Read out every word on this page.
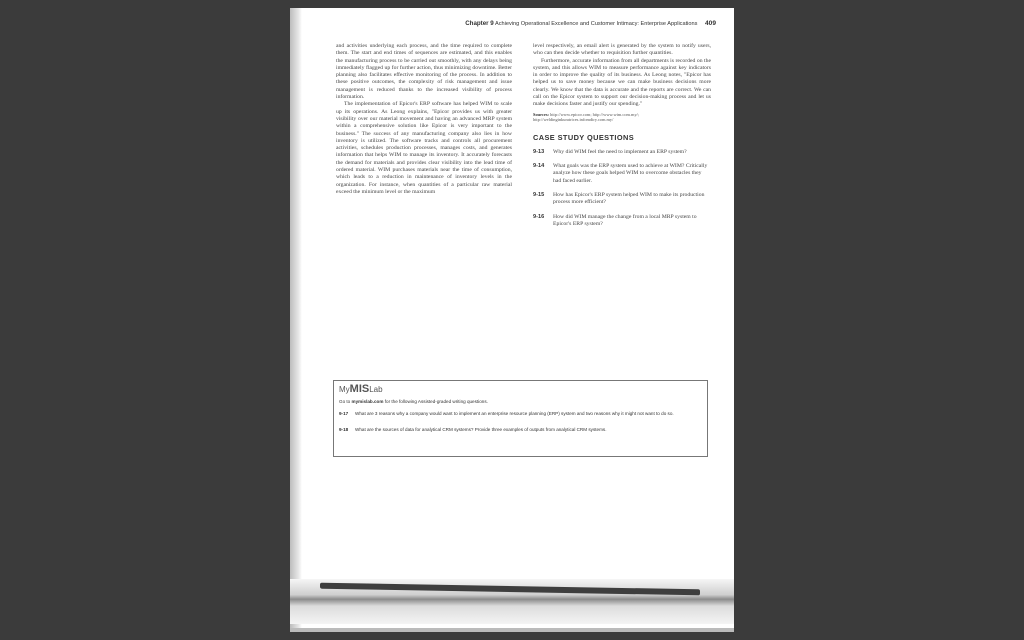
Chapter 9 Achieving Operational Excellence and Customer Intimacy: Enterprise Applications 409

and activities underlying each process, and the time required to complete them. The start and end times of sequences are estimated, and this enables the manufacturing process to be carried out smoothly, with any delays being immediately flagged up for further action, thus minimizing downtime. Better planning also facilitates effective monitoring of the process. In addition to these positive outcomes, the complexity of risk management and issue management is reduced thanks to the increased visibility of process information.

The implementation of Epicor's ERP software has helped WIM to scale up its operations. As Leong explains, "Epicor provides us with greater visibility over our material movement and having an advanced MRP system within a comprehensive solution like Epicor is very important to the business." The success of any manufacturing company also lies in how inventory is utilized. The software tracks and controls all procurement activities, schedules production processes, manages costs, and generates information that helps WIM to manage its inventory. It accurately forecasts the demand for materials and provides clear visibility into the lead time of ordered material. WIM purchases materials near the time of consumption, which leads to a reduction in maintenance of inventory levels in the organization. For instance, when quantities of a particular raw material exceed the minimum level or the maximum

level respectively, an email alert is generated by the system to notify users, who can then decide whether to requisition further quantities.

Furthermore, accurate information from all departments is recorded on the system, and this allows WIM to measure performance against key indicators in order to improve the quality of its business. As Leong notes, "Epicor has helped us to save money because we can make business decisions more clearly. We know that the data is accurate and the reports are correct. We can call on the Epicor system to support our decision-making process and let us make decisions faster and justify our spending."

Sources: http://www.epicor.com; http://www.wim.com.my/; http://weldinginkuratrices.infomdiry.com.my/

CASE STUDY QUESTIONS
9-13	Why did WIM feel the need to implement an ERP system?
9-14	What goals was the ERP system used to achieve at WIM? Critically analyze how these goals helped WIM to overcome obstacles they had faced earlier.
9-15	How has Epicor's ERP system helped WIM to make its production process more efficient?
9-16	How did WIM manage the change from a local MRP system to Epicor's ERP system?
MyMISLab
Go to mymislab.com for the following Assisted-graded writing questions.
9-17	What are 3 reasons why a company would want to implement an enterprise resource planning (ERP) system and two reasons why it might not want to do so.
9-18	What are the sources of data for analytical CRM systems? Provide three examples of outputs from analytical CRM systems.
